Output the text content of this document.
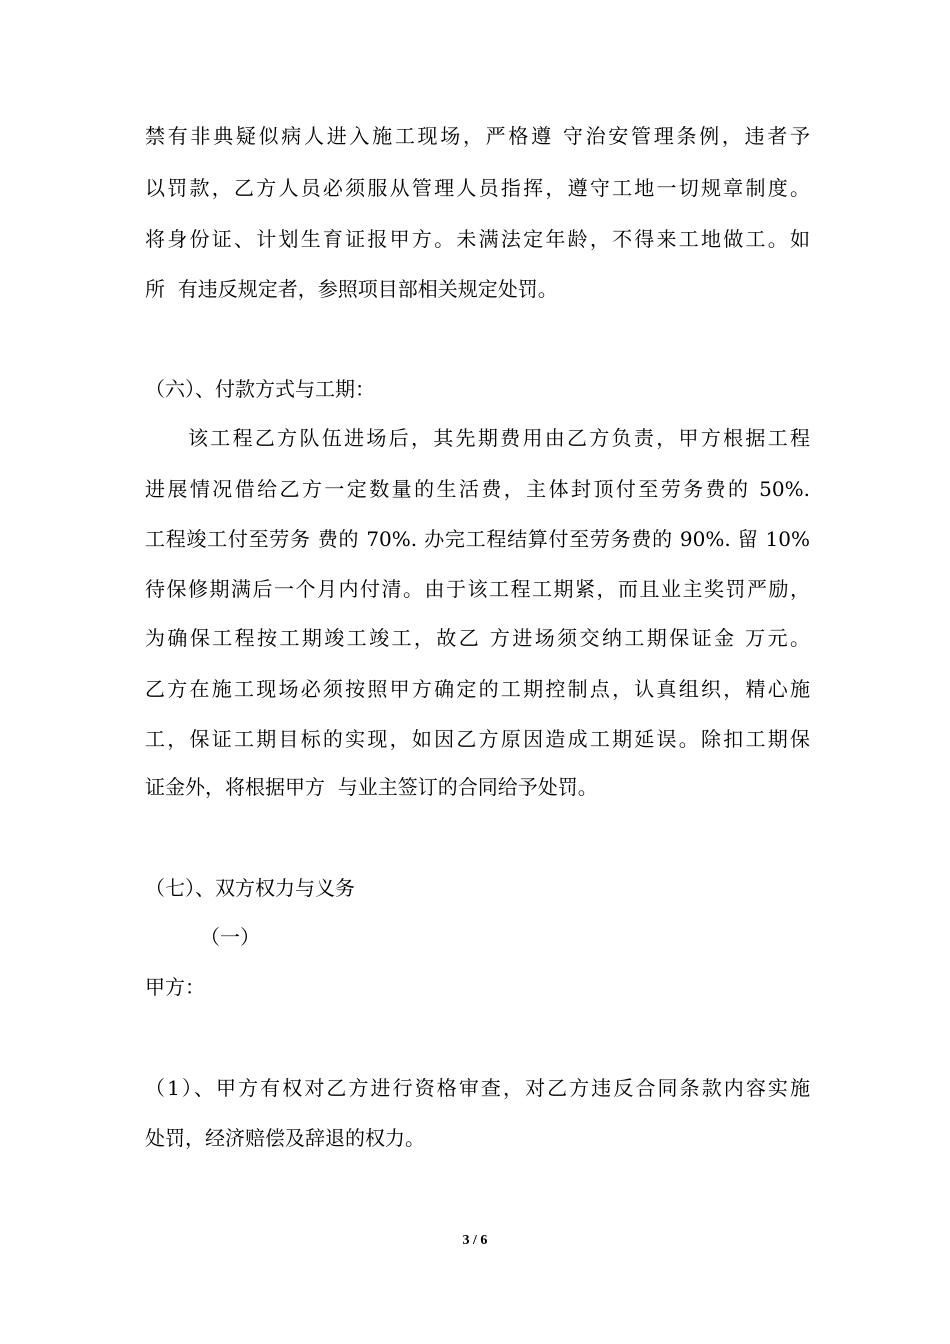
禁有非典疑似病人进入施工现场，严格遵 守治安管理条例，违者予
以罚款，乙方人员必须服从管理人员指挥，遵守工地一切规章制度。
将身份证、计划生育证报甲方。未满法定年龄，不得来工地做工。如
所  有违反规定者，参照项目部相关规定处罚。
（六）、付款方式与工期：
该工程乙方队伍进场后，其先期费用由乙方负责，甲方根据工程
进展情况借给乙方一定数量的生活费，主体封顶付至劳务费的 50%.
工程竣工付至劳务 费的 70%. 办完工程结算付至劳务费的 90%. 留 10%
待保修期满后一个月内付清。由于该工程工期紧，而且业主奖罚严励，
为确保工程按工期竣工竣工，故乙 方进场须交纳工期保证金 万元。
乙方在施工现场必须按照甲方确定的工期控制点，认真组织，精心施
工，保证工期目标的实现，如因乙方原因造成工期延误。除扣工期保
证金外，将根据甲方  与业主签订的合同给予处罚。
（七）、双方权力与义务
（一）
甲方：
（1）、甲方有权对乙方进行资格审查，对乙方违反合同条款内容实施
处罚，经济赔偿及辞退的权力。
3 / 6
